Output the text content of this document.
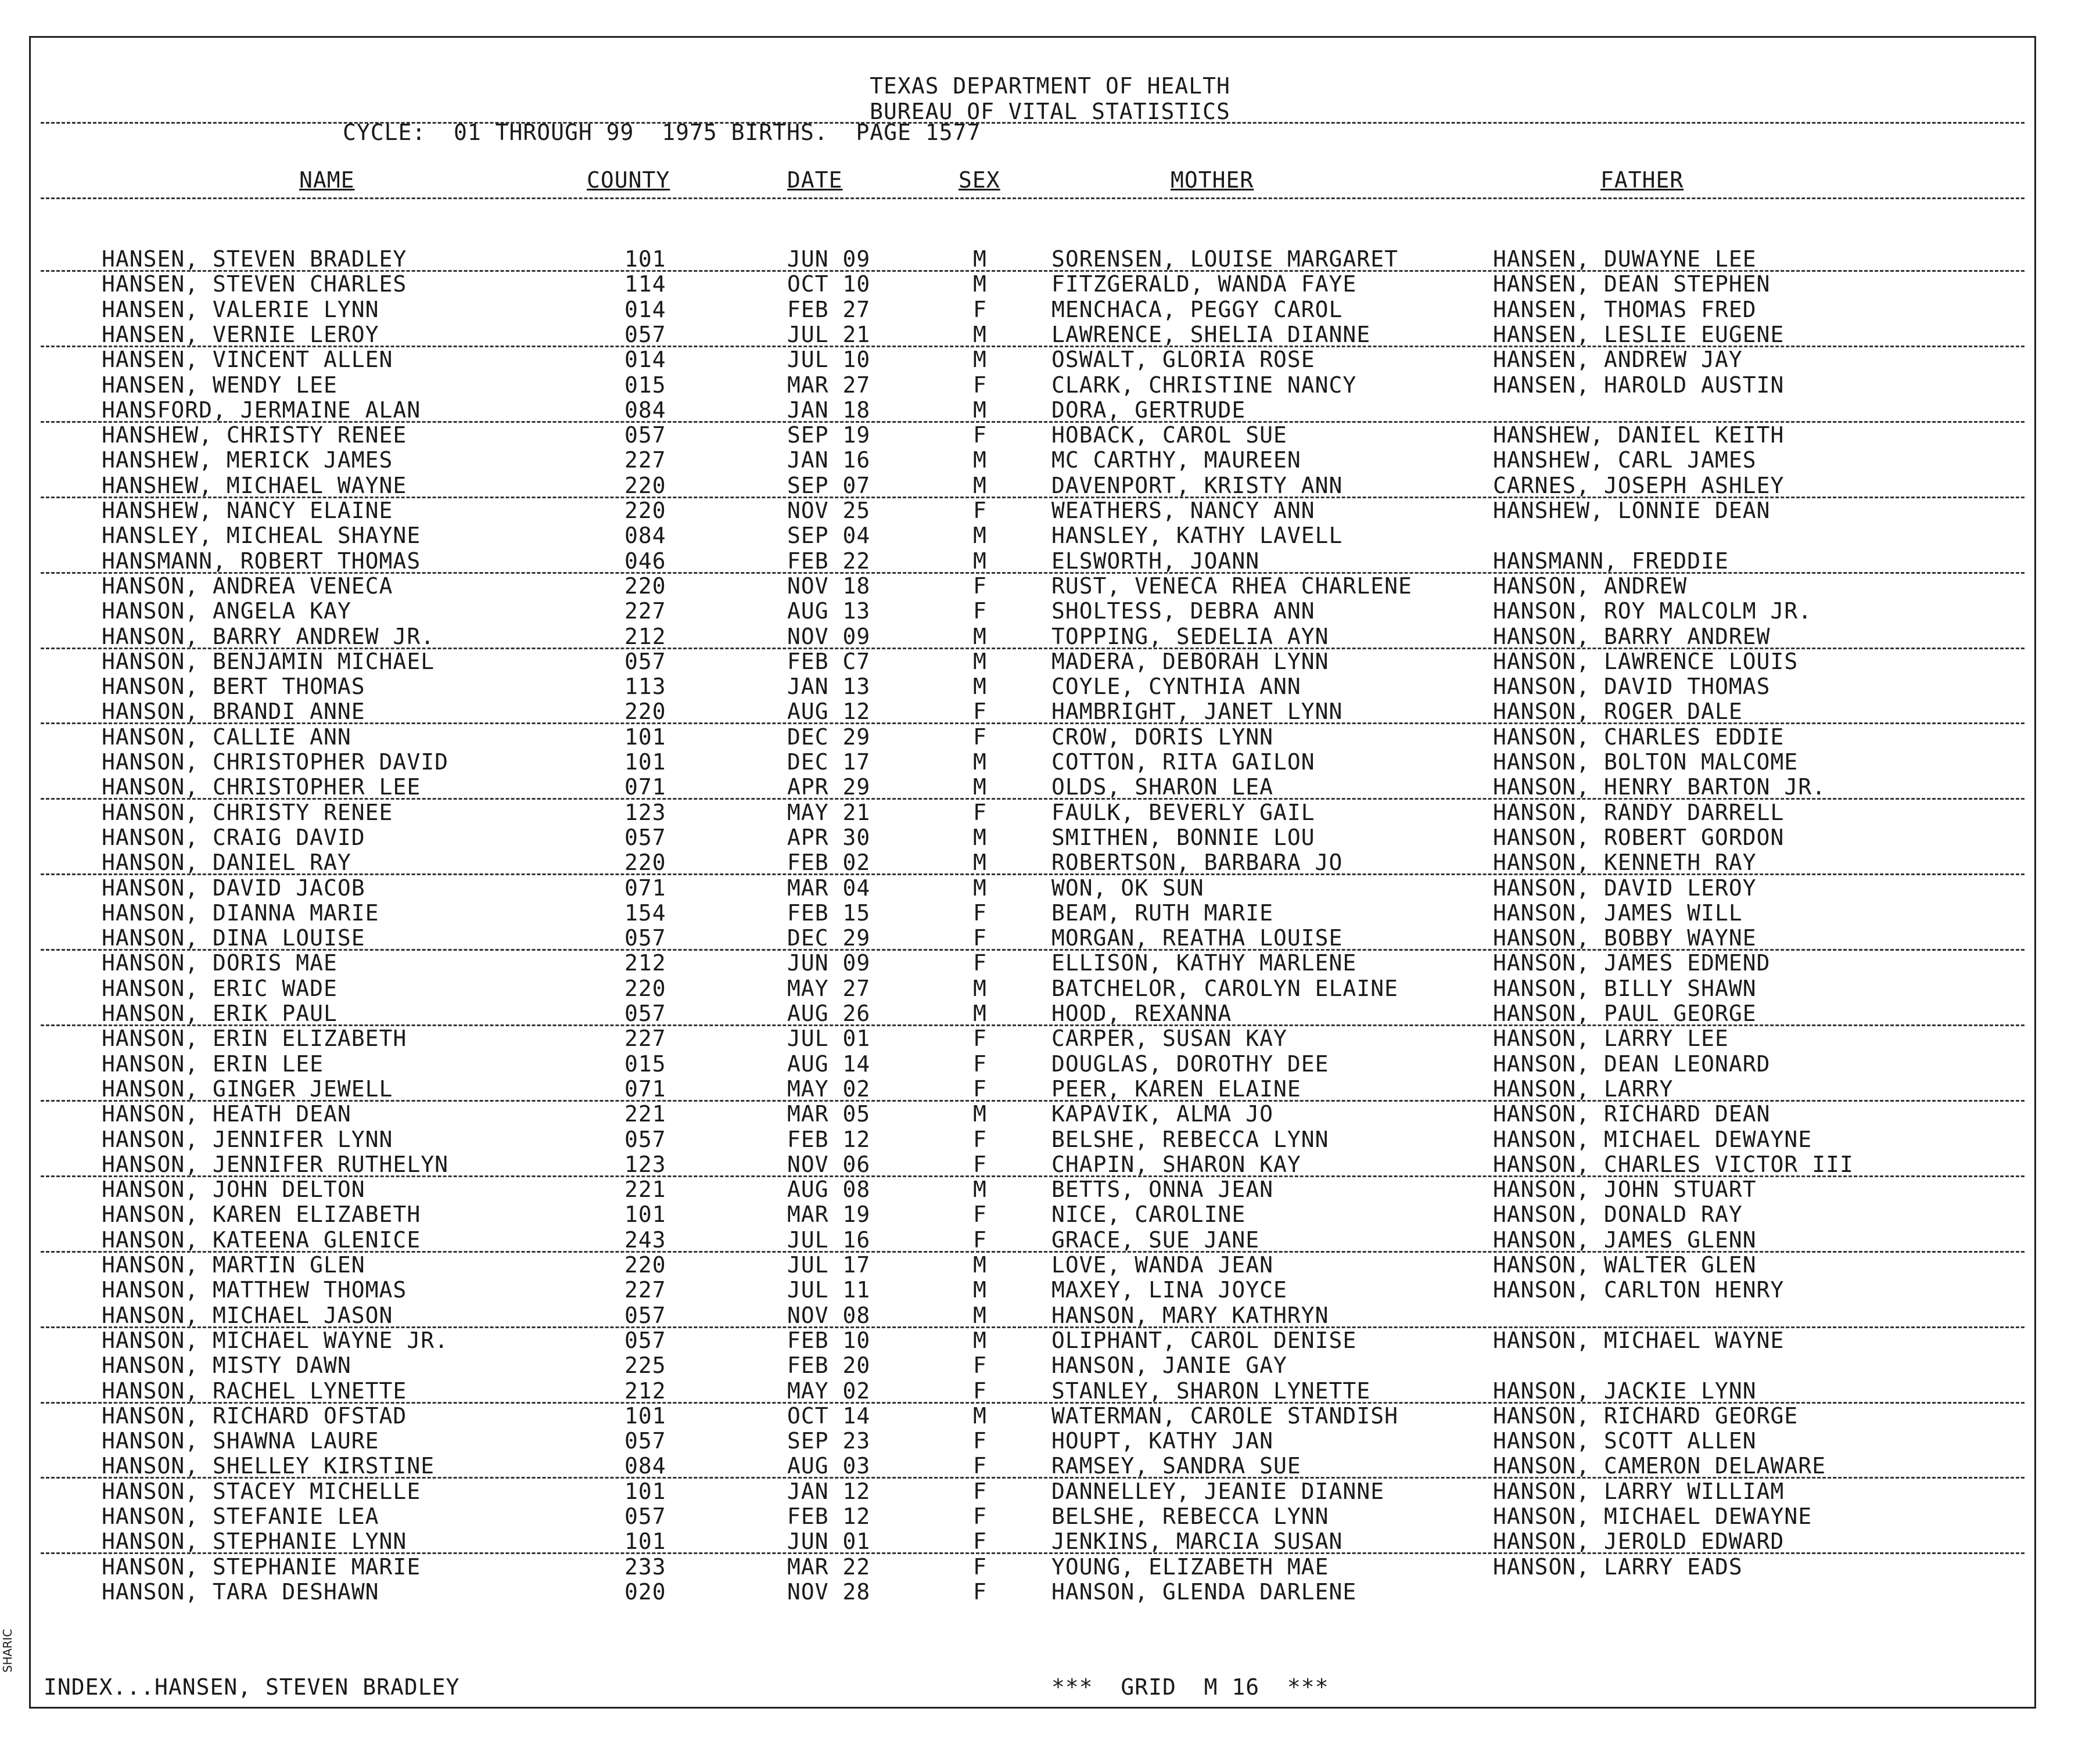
TEXAS DEPARTMENT OF HEALTH
BUREAU OF VITAL STATISTICS
CYCLE:  01 THROUGH 99  1975 BIRTHS.  PAGE 1577
NAME	COUNTY	DATE	SEX	MOTHER	FATHER
HANSEN, STEVEN BRADLEY	101	JUN 09	M	SORENSEN, LOUISE MARGARET	HANSEN, DUWAYNE LEE
HANSEN, STEVEN CHARLES	114	OCT 10	M	FITZGERALD, WANDA FAYE	HANSEN, DEAN STEPHEN
HANSEN, VALERIE LYNN	014	FEB 27	F	MENCHACA, PEGGY CAROL	HANSEN, THOMAS FRED
HANSEN, VERNIE LEROY	057	JUL 21	M	LAWRENCE, SHELIA DIANNE	HANSEN, LESLIE EUGENE
HANSEN, VINCENT ALLEN	014	JUL 10	M	OSWALT, GLORIA ROSE	HANSEN, ANDREW JAY
HANSEN, WENDY LEE	015	MAR 27	F	CLARK, CHRISTINE NANCY	HANSEN, HAROLD AUSTIN
HANSFORD, JERMAINE ALAN	084	JAN 18	M	DORA, GERTRUDE
HANSHEW, CHRISTY RENEE	057	SEP 19	F	HOBACK, CAROL SUE	HANSHEW, DANIEL KEITH
HANSHEW, MERICK JAMES	227	JAN 16	M	MC CARTHY, MAUREEN	HANSHEW, CARL JAMES
HANSHEW, MICHAEL WAYNE	220	SEP 07	M	DAVENPORT, KRISTY ANN	CARNES, JOSEPH ASHLEY
HANSHEW, NANCY ELAINE	220	NOV 25	F	WEATHERS, NANCY ANN	HANSHEW, LONNIE DEAN
HANSLEY, MICHEAL SHAYNE	084	SEP 04	M	HANSLEY, KATHY LAVELL
HANSMANN, ROBERT THOMAS	046	FEB 22	M	ELSWORTH, JOANN	HANSMANN, FREDDIE
HANSON, ANDREA VENECA	220	NOV 18	F	RUST, VENECA RHEA CHARLENE	HANSON, ANDREW
HANSON, ANGELA KAY	227	AUG 13	F	SHOLTESS, DEBRA ANN	HANSON, ROY MALCOLM JR.
HANSON, BARRY ANDREW JR.	212	NOV 09	M	TOPPING, SEDELIA AYN	HANSON, BARRY ANDREW
HANSON, BENJAMIN MICHAEL	057	FEB C7	M	MADERA, DEBORAH LYNN	HANSON, LAWRENCE LOUIS
HANSON, BERT THOMAS	113	JAN 13	M	COYLE, CYNTHIA ANN	HANSON, DAVID THOMAS
HANSON, BRANDI ANNE	220	AUG 12	F	HAMBRIGHT, JANET LYNN	HANSON, ROGER DALE
HANSON, CALLIE ANN	101	DEC 29	F	CROW, DORIS LYNN	HANSON, CHARLES EDDIE
HANSON, CHRISTOPHER DAVID	101	DEC 17	M	COTTON, RITA GAILON	HANSON, BOLTON MALCOME
HANSON, CHRISTOPHER LEE	071	APR 29	M	OLDS, SHARON LEA	HANSON, HENRY BARTON JR.
HANSON, CHRISTY RENEE	123	MAY 21	F	FAULK, BEVERLY GAIL	HANSON, RANDY DARRELL
HANSON, CRAIG DAVID	057	APR 30	M	SMITHEN, BONNIE LOU	HANSON, ROBERT GORDON
HANSON, DANIEL RAY	220	FEB 02	M	ROBERTSON, BARBARA JO	HANSON, KENNETH RAY
HANSON, DAVID JACOB	071	MAR 04	M	WON, OK SUN	HANSON, DAVID LEROY
HANSON, DIANNA MARIE	154	FEB 15	F	BEAM, RUTH MARIE	HANSON, JAMES WILL
HANSON, DINA LOUISE	057	DEC 29	F	MORGAN, REATHA LOUISE	HANSON, BOBBY WAYNE
HANSON, DORIS MAE	212	JUN 09	F	ELLISON, KATHY MARLENE	HANSON, JAMES EDMEND
HANSON, ERIC WADE	220	MAY 27	M	BATCHELOR, CAROLYN ELAINE	HANSON, BILLY SHAWN
HANSON, ERIK PAUL	057	AUG 26	M	HOOD, REXANNA	HANSON, PAUL GEORGE
HANSON, ERIN ELIZABETH	227	JUL 01	F	CARPER, SUSAN KAY	HANSON, LARRY LEE
HANSON, ERIN LEE	015	AUG 14	F	DOUGLAS, DOROTHY DEE	HANSON, DEAN LEONARD
HANSON, GINGER JEWELL	071	MAY 02	F	PEER, KAREN ELAINE	HANSON, LARRY
HANSON, HEATH DEAN	221	MAR 05	M	KAPAVIK, ALMA JO	HANSON, RICHARD DEAN
HANSON, JENNIFER LYNN	057	FEB 12	F	BELSHE, REBECCA LYNN	HANSON, MICHAEL DEWAYNE
HANSON, JENNIFER RUTHELYN	123	NOV 06	F	CHAPIN, SHARON KAY	HANSON, CHARLES VICTOR III
HANSON, JOHN DELTON	221	AUG 08	M	BETTS, ONNA JEAN	HANSON, JOHN STUART
HANSON, KAREN ELIZABETH	101	MAR 19	F	NICE, CAROLINE	HANSON, DONALD RAY
HANSON, KATEENA GLENICE	243	JUL 16	F	GRACE, SUE JANE	HANSON, JAMES GLENN
HANSON, MARTIN GLEN	220	JUL 17	M	LOVE, WANDA JEAN	HANSON, WALTER GLEN
HANSON, MATTHEW THOMAS	227	JUL 11	M	MAXEY, LINA JOYCE	HANSON, CARLTON HENRY
HANSON, MICHAEL JASON	057	NOV 08	M	HANSON, MARY KATHRYN
HANSON, MICHAEL WAYNE JR.	057	FEB 10	M	OLIPHANT, CAROL DENISE	HANSON, MICHAEL WAYNE
HANSON, MISTY DAWN	225	FEB 20	F	HANSON, JANIE GAY
HANSON, RACHEL LYNETTE	212	MAY 02	F	STANLEY, SHARON LYNETTE	HANSON, JACKIE LYNN
HANSON, RICHARD OFSTAD	101	OCT 14	M	WATERMAN, CAROLE STANDISH	HANSON, RICHARD GEORGE
HANSON, SHAWNA LAURE	057	SEP 23	F	HOUPT, KATHY JAN	HANSON, SCOTT ALLEN
HANSON, SHELLEY KIRSTINE	084	AUG 03	F	RAMSEY, SANDRA SUE	HANSON, CAMERON DELAWARE
HANSON, STACEY MICHELLE	101	JAN 12	F	DANNELLEY, JEANIE DIANNE	HANSON, LARRY WILLIAM
HANSON, STEFANIE LEA	057	FEB 12	F	BELSHE, REBECCA LYNN	HANSON, MICHAEL DEWAYNE
HANSON, STEPHANIE LYNN	101	JUN 01	F	JENKINS, MARCIA SUSAN	HANSON, JEROLD EDWARD
HANSON, STEPHANIE MARIE	233	MAR 22	F	YOUNG, ELIZABETH MAE	HANSON, LARRY EADS
HANSON, TARA DESHAWN	020	NOV 28	F	HANSON, GLENDA DARLENE
INDEX...HANSEN, STEVEN BRADLEY	***  GRID  M 16  ***
SHARIC
